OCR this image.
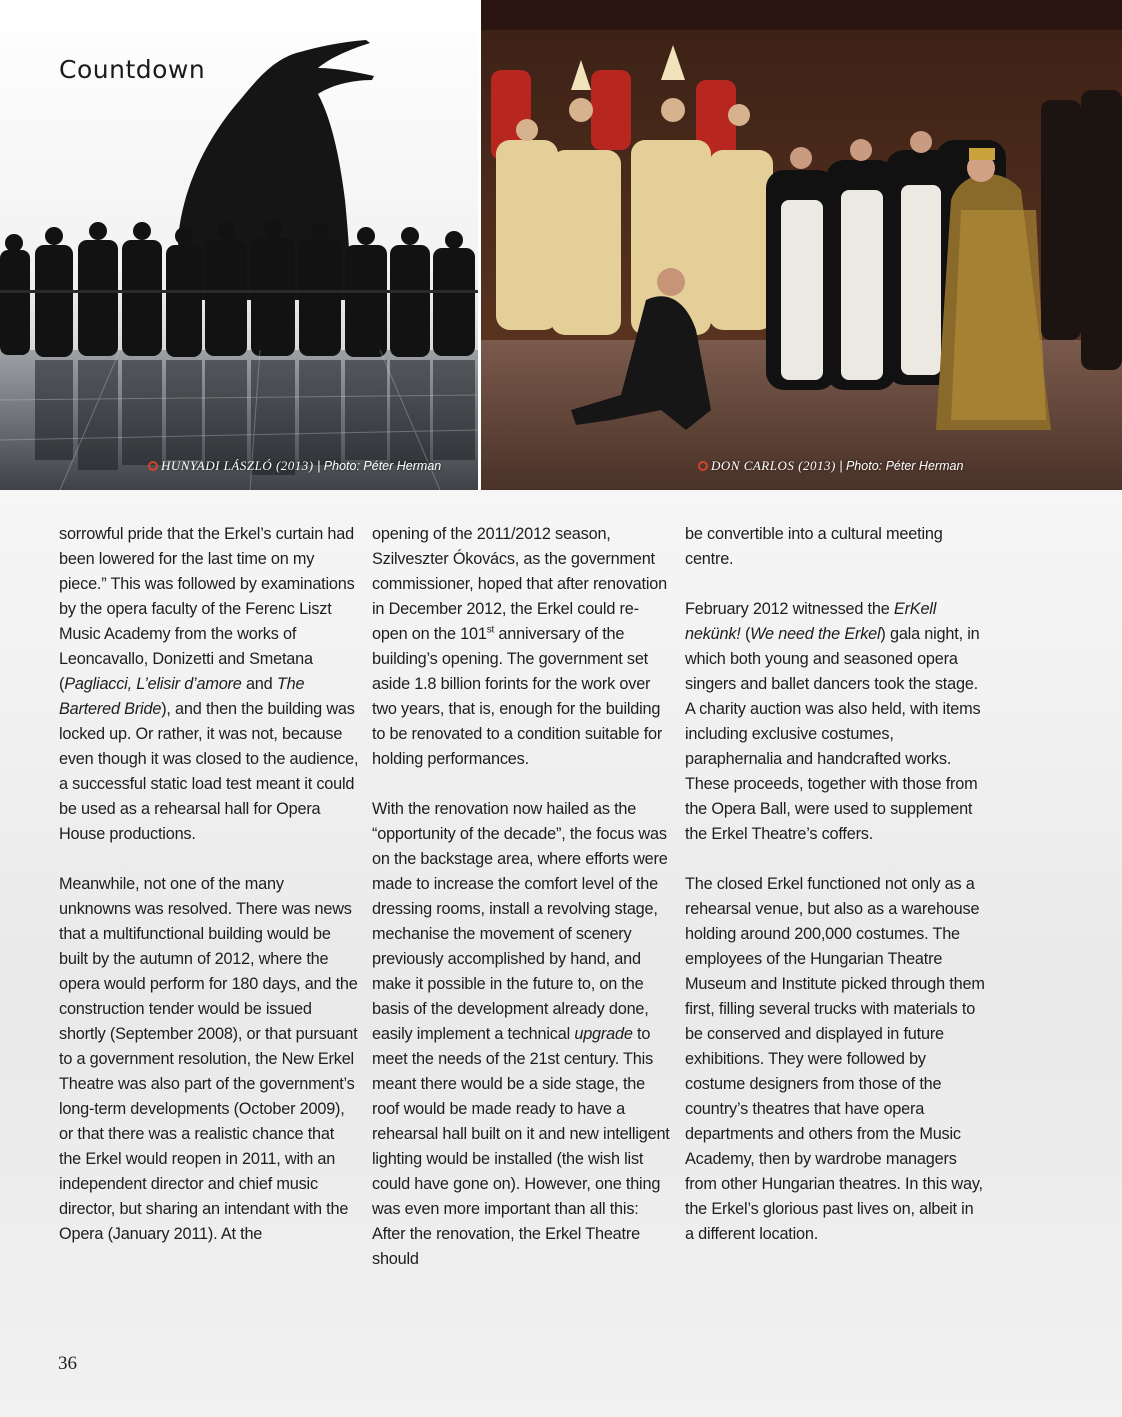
Countdown
HUNYADI LÁSZLÓ (2013) | Photo: Péter Herman	DON CARLOS (2013) | Photo: Péter Herman

sorrowful pride that the Erkel’s curtain had been lowered for the last time on my piece.” This was followed by examinations by the opera faculty of the Ferenc Liszt Music Academy from the works of Leoncavallo, Donizetti and Smetana (Pagliacci, L’elisir d’amore and The Bartered Bride), and then the building was locked up. Or rather, it was not, because even though it was closed to the audience, a successful static load test meant it could be used as a rehearsal hall for Opera House productions.

Meanwhile, not one of the many unknowns was resolved. There was news that a multifunctional building would be built by the autumn of 2012, where the opera would perform for 180 days, and the construction tender would be issued shortly (September 2008), or that pursuant to a government resolution, the New Erkel Theatre was also part of the government’s long-term developments (October 2009), or that there was a realistic chance that the Erkel would reopen in 2011, with an independent director and chief music director, but sharing an intendant with the Opera (January 2011). At the

opening of the 2011/2012 season, Szilveszter Ókovács, as the government commissioner, hoped that after renovation in December 2012, the Erkel could re-open on the 101st anniversary of the building’s opening. The government set aside 1.8 billion forints for the work over two years, that is, enough for the building to be renovated to a condition suitable for holding performances.

With the renovation now hailed as the “opportunity of the decade”, the focus was on the backstage area, where efforts were made to increase the comfort level of the dressing rooms, install a revolving stage, mechanise the movement of scenery previously accomplished by hand, and make it possible in the future to, on the basis of the development already done, easily implement a technical upgrade to meet the needs of the 21st century. This meant there would be a side stage, the roof would be made ready to have a rehearsal hall built on it and new intelligent lighting would be installed (the wish list could have gone on). However, one thing was even more important than all this: After the renovation, the Erkel Theatre should

be convertible into a cultural meeting centre.

February 2012 witnessed the ErKell nekünk! (We need the Erkel) gala night, in which both young and seasoned opera singers and ballet dancers took the stage. A charity auction was also held, with items including exclusive costumes, paraphernalia and handcrafted works. These proceeds, together with those from the Opera Ball, were used to supplement the Erkel Theatre’s coffers.

The closed Erkel functioned not only as a rehearsal venue, but also as a warehouse holding around 200,000 costumes. The employees of the Hungarian Theatre Museum and Institute picked through them first, filling several trucks with materials to be conserved and displayed in future exhibitions. They were followed by costume designers from those of the country’s theatres that have opera departments and others from the Music Academy, then by wardrobe managers from other Hungarian theatres. In this way, the Erkel’s glorious past lives on, albeit in a different location.

36
